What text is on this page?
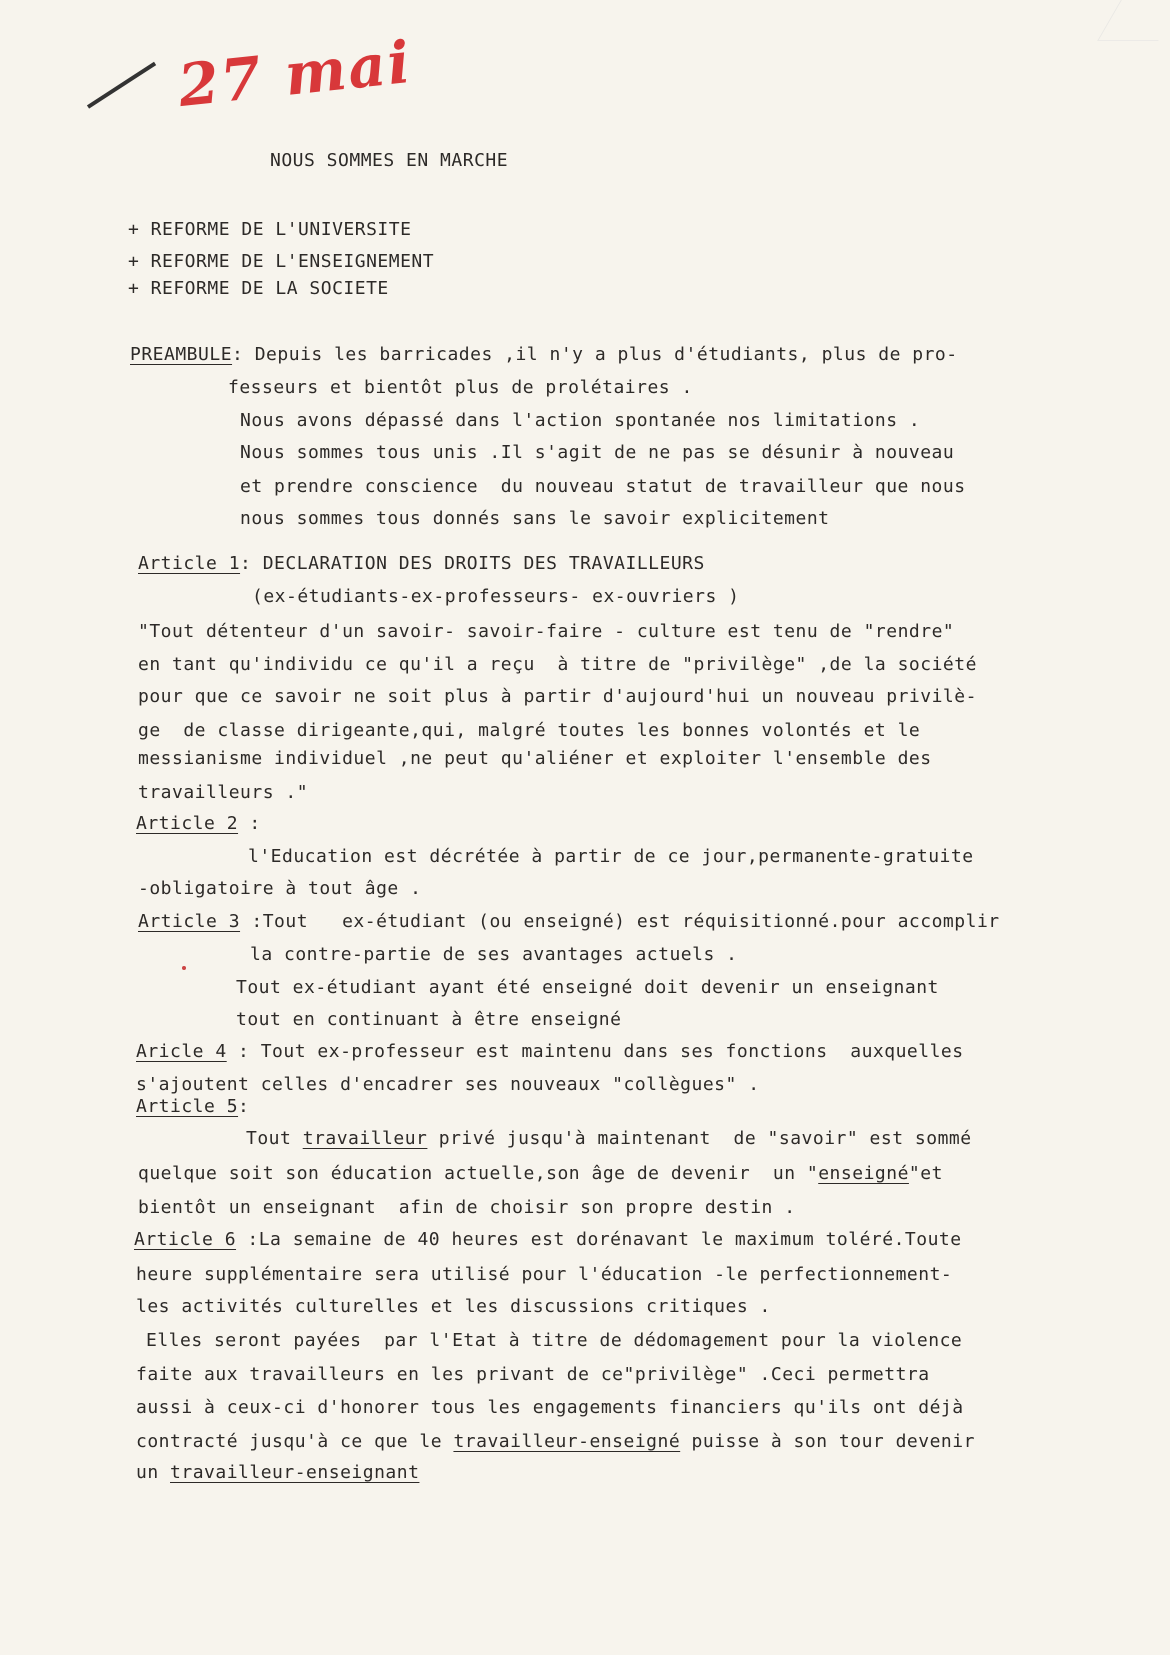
27 mai
NOUS SOMMES EN MARCHE
+ REFORME DE L'UNIVERSITE
+ REFORME DE L'ENSEIGNEMENT
+ REFORME DE LA SOCIETE
PREAMBULE: Depuis les barricades ,il n'y a plus d'étudiants, plus de pro-
fesseurs et bientôt plus de prolétaires .
Nous avons dépassé dans l'action spontanée nos limitations .
Nous sommes tous unis .Il s'agit de ne pas se désunir à nouveau
et prendre conscience  du nouveau statut de travailleur que nous
nous sommes tous donnés sans le savoir explicitement
Article 1: DECLARATION DES DROITS DES TRAVAILLEURS
(ex-étudiants-ex-professeurs- ex-ouvriers )
"Tout détenteur d'un savoir- savoir-faire - culture est tenu de "rendre"
en tant qu'individu ce qu'il a reçu  à titre de "privilège" ,de la société
pour que ce savoir ne soit plus à partir d'aujourd'hui un nouveau privilè-
ge  de classe dirigeante,qui, malgré toutes les bonnes volontés et le
messianisme individuel ,ne peut qu'aliéner et exploiter l'ensemble des
travailleurs ."
Article 2 :
l'Education est décrétée à partir de ce jour,permanente-gratuite
-obligatoire à tout âge .
Article 3 :Tout   ex-étudiant (ou enseigné) est réquisitionné.pour accomplir
la contre-partie de ses avantages actuels .
Tout ex-étudiant ayant été enseigné doit devenir un enseignant
tout en continuant à être enseigné
Aricle 4 : Tout ex-professeur est maintenu dans ses fonctions  auxquelles
s'ajoutent celles d'encadrer ses nouveaux "collègues" .
Article 5:
Tout travailleur privé jusqu'à maintenant  de "savoir" est sommé
quelque soit son éducation actuelle,son âge de devenir  un "enseigné"et
bientôt un enseignant  afin de choisir son propre destin .
Article 6 :La semaine de 40 heures est dorénavant le maximum toléré.Toute
heure supplémentaire sera utilisé pour l'éducation -le perfectionnement-
les activités culturelles et les discussions critiques .
Elles seront payées  par l'Etat à titre de dédomagement pour la violence
faite aux travailleurs en les privant de ce"privilège" .Ceci permettra
aussi à ceux-ci d'honorer tous les engagements financiers qu'ils ont déjà
contracté jusqu'à ce que le travailleur-enseigné puisse à son tour devenir
un travailleur-enseignant
